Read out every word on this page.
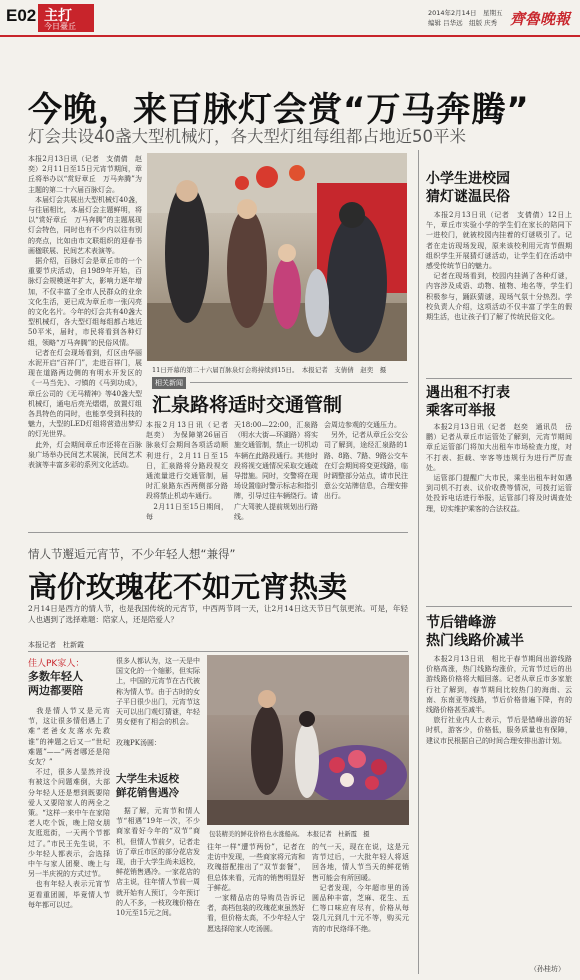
E02 主打
今日臺丘
2014年2月14日　星期五
编辑 吕华远　组版 庆秀 齊魯晚報
今晚，来百脉灯会赏“万马奔腾”
灯会共设40盏大型机械灯，各大型灯组每组都占地近50平米
本报2月13日讯（记者　支倩倩　赵奕）2月11日至15日元宵节期间，章丘将举办以“赏好章丘　万马奔腾”为主题的第二十六届百脉灯会。
　本届灯会共展出大型机械灯40盏，与往届相比，本届灯会主题鲜明，将以“赏好章丘　万马奔腾”的主题展现灯会特色，同时也有不少内以往有别的亮点，比如由市文联组织的迎春书画楹联展、民间艺术表演等。
　据介绍，百脉灯会是章丘市的一个重要节庆活动，自1989年开始，百脉灯会规模逐年扩大，影响力逐年增加，不仅丰富了全市人民群众的业余文化生活，更已成为章丘市一张闪亮的文化名片。今年的灯会共有40盏大型机械灯，各大型灯组每组都占地近50平米，届时，市民将看到各种灯组，领略“万马奔腾”的民俗风情。
　记者在灯会现场看到，灯区由华丽水泥开启“百祥门”，走进百祥门，展现在道路两边侧的有明水开发区的《一马当先》、刁镇的《马到功成》，章丘公司的《无马精神》等40盏大型机械灯，通电后亮光熠熠，放置灯组各具特色的同时，也能享受到科技的魅力，大型的LED灯组将营造出梦幻的灯光世界。
　此外，灯会期间章丘市还将在百脉泉广场举办民间艺术展演，民间艺术表演等丰富多彩的系列文化活动。
11日开幕的第二十六届百脉泉灯会将持续到15日。　本报记者　支倩倩　赵奕　摄
相关新闻
汇泉路将适时交通管制
本报2月13日讯（记者　赵奕）　为保障第26届百脉泉灯会期间各项活动顺利进行，2月11日至15日，汇泉路将分路段视交通流量进行交通管制，届时汇泉路东西两侧部分路段将禁止机动车通行。
　2月11日至15日期间，每
天18:00—22:00，汇泉路（明水大街—环湖路）将实施交通管制，禁止一切机动车辆在此路段通行。其他时段将视交通情况采取交通疏导措施。同时，交警将在现场设置临时警示标志和指引牌，引导过往车辆绕行。请广大驾驶人提前规划出行路线。
会周边参观的交通压力。
　另外，记者从章丘公交公司了解到，途经汇泉路的1路、8路、7路、9路公交车在灯会期间将变更线路，临时调整部分站点，请市民注意公交站牌信息，合理安排出行。
情人节邂逅元宵节，不少年轻人想“兼得”
高价玫瑰花不如元宵热卖
2月14日是西方的情人节，也是我国传统的元宵节，中西两节同一天，让2月14日这天节日气氛更浓。可是，年轻人也遇到了选择难题：陪家人，还是陪爱人？
本报记者　杜新霞
佳人PK家人：
多数年轻人
两边都要陪
　我是情人节又是元宵节，这让很多情侣遇上了难“老爸女友落水先救谁”的神题之后又一“世纪难题”——“两者哪还是陪女友？”
　不过，很多人显然并没有被这个问题难倒，大部分年轻人还是想到既要陪爱人又要陪家人的两全之策。“这样一来中午在家陪老人吃个饭，晚上陪女朋友逛逛街，一天两个节都过了。”市民王先生说，不少年轻人都表示，会选择中午与家人团聚、晚上与另一半庆祝的方式过节。
　也有年轻人表示元宵节更看重团圆，毕竟情人节每年都可以过。
很多人都认为，这一天是中国文化的一个缩影，但实际上，中国的元宵节在古代被称为情人节。由于古时的女子平日很少出门，元宵节这天可以出门观灯猜谜，年轻男女便有了相会的机会。

玫瑰PK汤圆：
大学生未返校
鲜花销售遇冷
　据了解，元宵节和情人节“相遇”19年一次，不少商家看好今年的“双节”商机，但情人节前夕，记者走访了章丘市区的部分花店发现，由于大学生尚未返校，鲜花销售遇冷。一家花店的店主说，往年情人节前一周就开始有人预订，今年预订的人不多，一枝玫瑰价格在10元至15元之间。
包装精美的鲜花价格也水涨船高。　本报记者　杜新霞　摄
往年一样“遭节两份”，记者在走访中发现，一些商家将元宵和玫瑰搭配推出了“双节套餐”，但总体来看，元宵的销售明显好于鲜花。
　一家精品店的导购员告诉记者，高档包装的玫瑰花束虽然好看，但价格太高，不少年轻人宁愿选择陪家人吃汤圆。
的气一天，现在在说，这是元宵节过后，一大批年轻人将返回各地，情人节当天的鲜花销售可能会有所回暖。
　记者发现，今年超市里的汤圆品种丰富，芝麻、花生、五仁等口味应有尽有，价格从每袋几元到几十元不等，购买元宵的市民络绎不绝。
小学生进校园
猜灯谜温民俗
　本报2月13日讯（记者　支倩倩）12日上午，章丘市实验小学的学生们在家长的陪同下一进校门，就被校园内挂着的灯谜吸引了。记者在走访现场发现，原来该校利用元宵节假期组织学生开展猜灯谜活动，让学生们在活动中感受传统节日的魅力。
　记者在现场看到，校园内挂满了各种灯谜，内容涉及成语、动物、植物、地名等，学生们积极参与，踊跃猜谜，现场气氛十分热烈。学校负责人介绍，这项活动不仅丰富了学生的假期生活，也让孩子们了解了传统民俗文化。
遇出租不打表
乘客可举报
　本报2月13日讯（记者　赵奕　通讯员　岳鹏）记者从章丘市运管处了解到，元宵节期间章丘运管部门将加大出租车市场检查力度，对不打表、拒载、宰客等违规行为进行严厉查处。
　运管部门提醒广大市民，乘坐出租车时如遇到司机不打表、议价收费等情况，可拨打运管处投诉电话进行举报，运管部门将及时调查处理，切实维护乘客的合法权益。
节后错峰游
热门线路价减半
　本报2月13日讯　相比于春节期间出游线路价格高涨，热门线路均涨价，元宵节过后的出游线路价格将大幅回落。记者从章丘市多家旅行社了解到，春节期间比较热门的海南、云南、东南亚等线路，节后价格普遍下降，有的线路价格甚至减半。
　旅行社业内人士表示，节后是错峰出游的好时机，游客少，价格低，服务质量也有保障，建议市民根据自己的时间合理安排出游计划。
（孙桂坊）
